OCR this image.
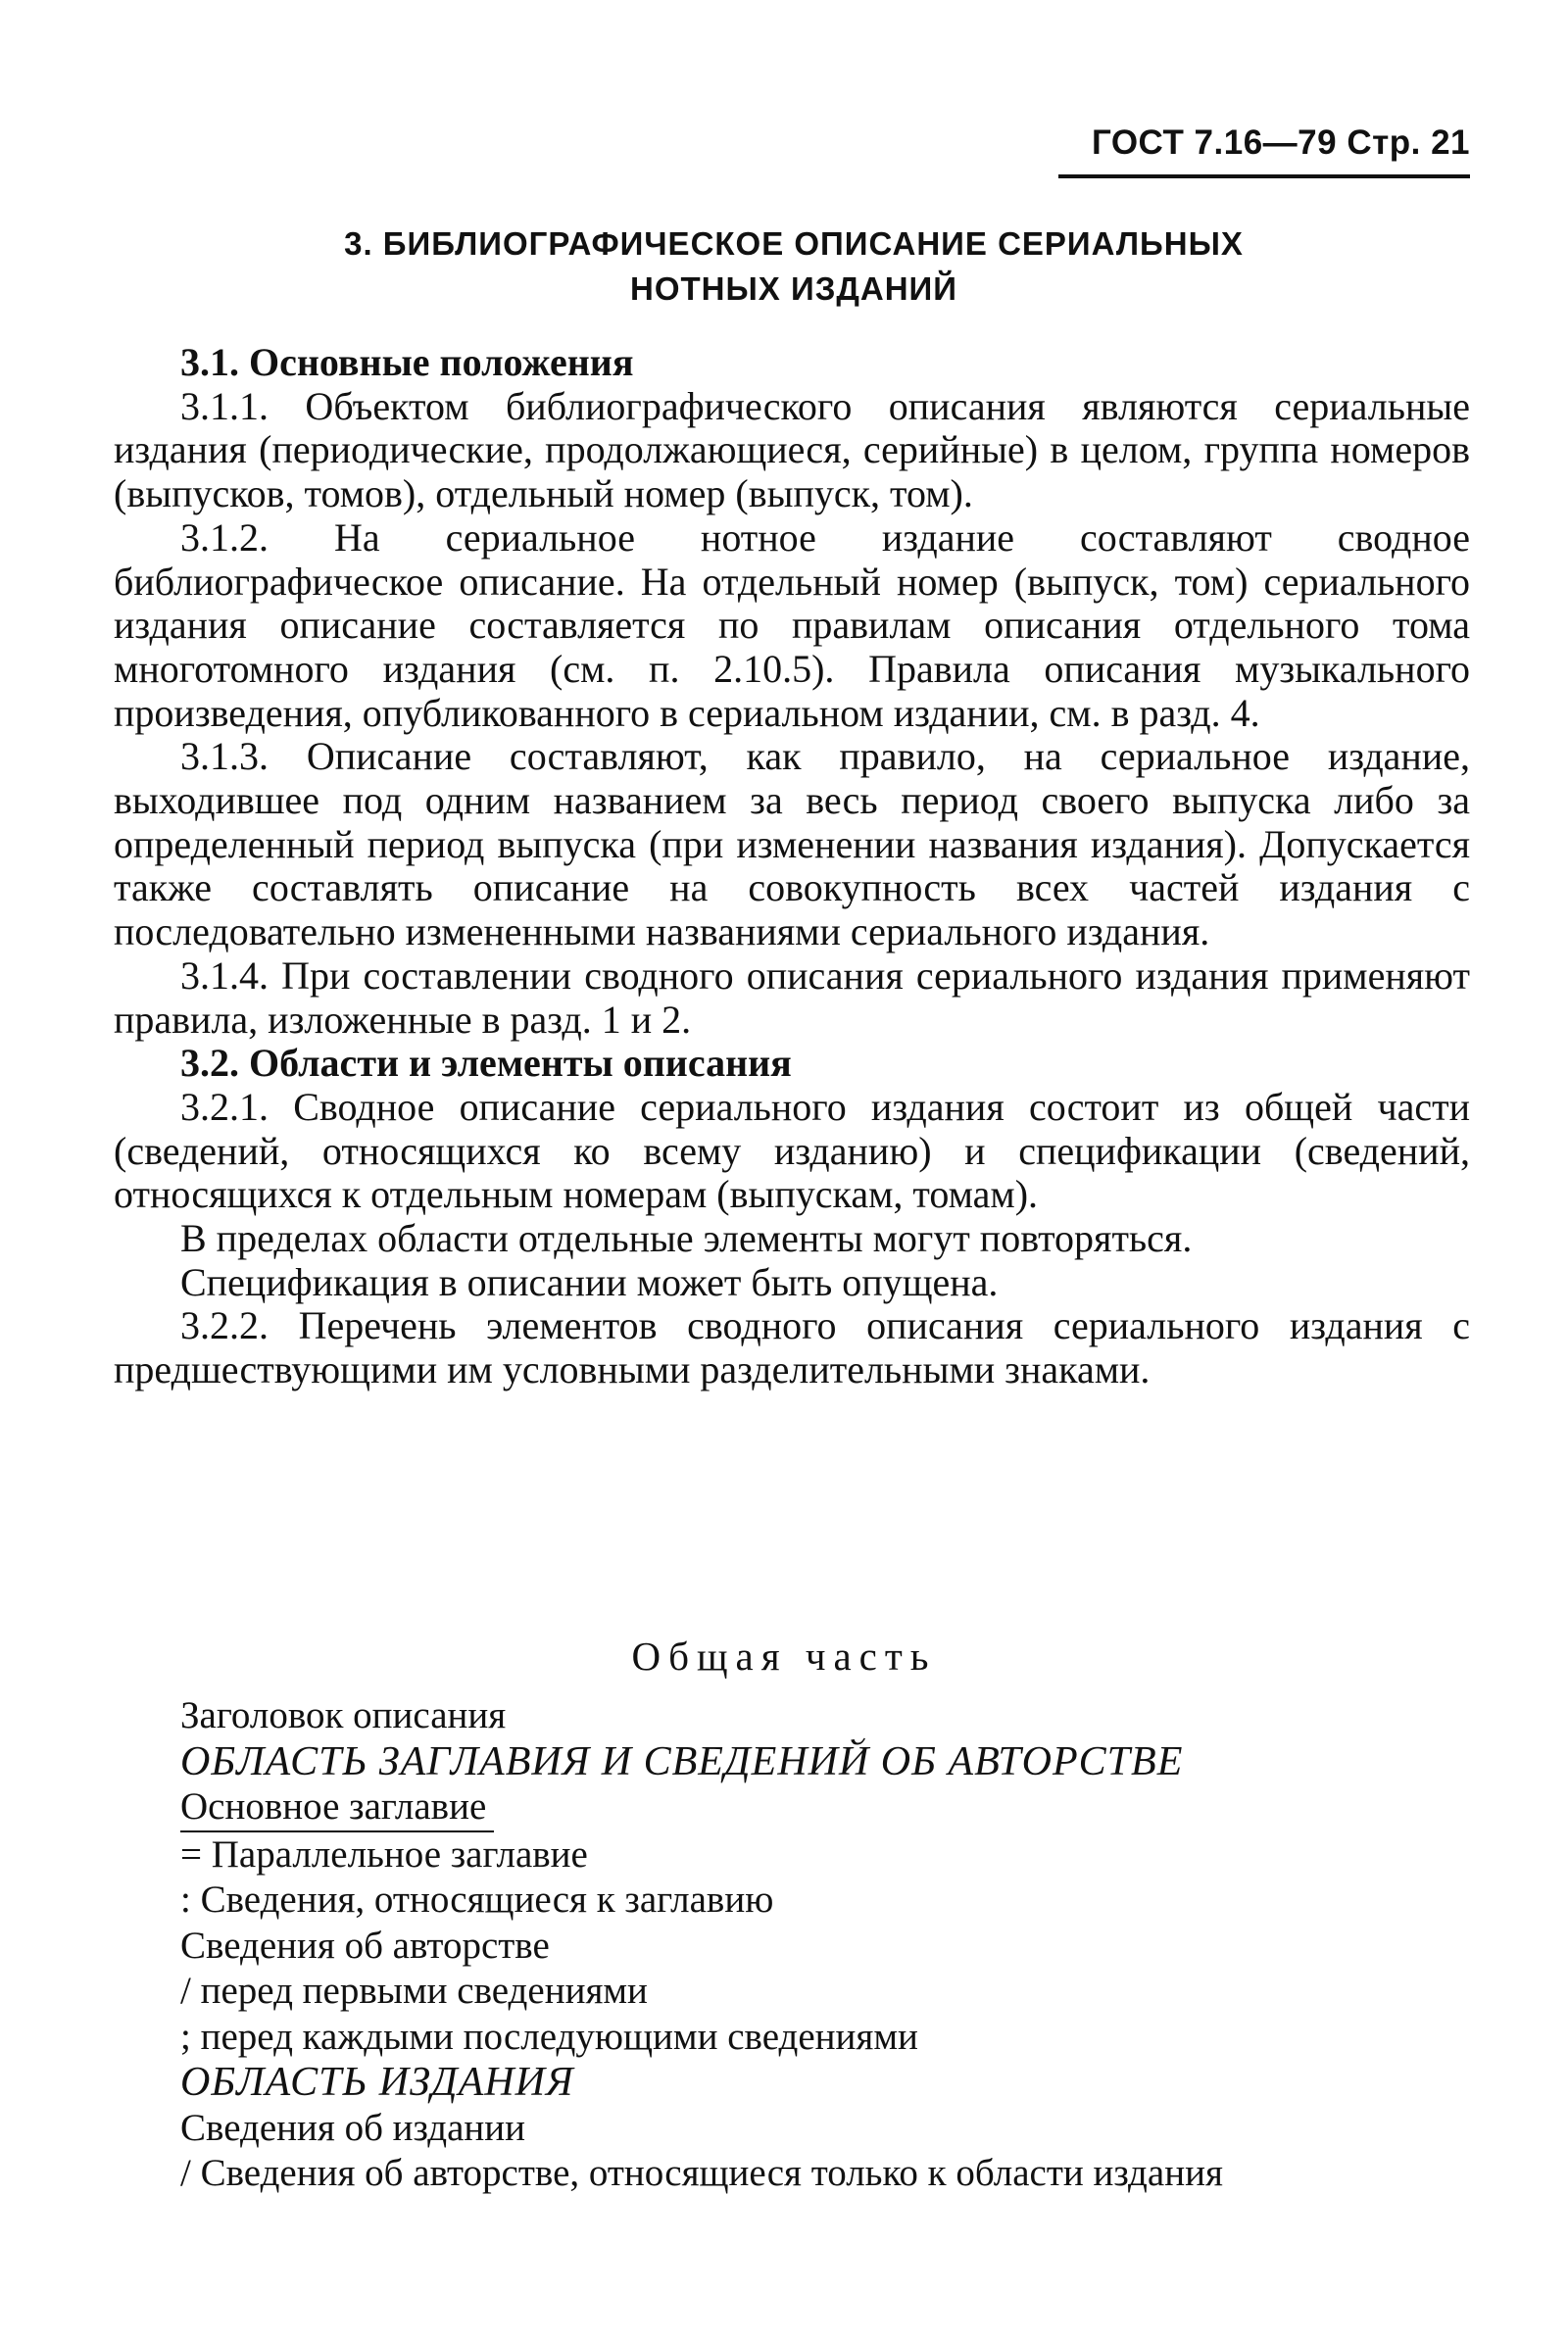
ГОСТ 7.16—79 Стр. 21
3. БИБЛИОГРАФИЧЕСКОЕ ОПИСАНИЕ СЕРИАЛЬНЫХ
НОТНЫХ ИЗДАНИЙ

3.1. Основные положения

3.1.1. Объектом библиографического описания являются сериальные издания (периодические, продолжающиеся, серийные) в целом, группа номеров (выпусков, томов), отдельный номер (выпуск, том).

3.1.2. На сериальное нотное издание составляют сводное библиографическое описание. На отдельный номер (выпуск, том) сериального издания описание составляется по правилам описания отдельного тома многотомного издания (см. п. 2.10.5). Правила описания музыкального произведения, опубликованного в сериальном издании, см. в разд. 4.

3.1.3. Описание составляют, как правило, на сериальное издание, выходившее под одним названием за весь период своего выпуска либо за определенный период выпуска (при изменении названия издания). Допускается также составлять описание на совокупность всех частей издания с последовательно измененными названиями сериального издания.

3.1.4. При составлении сводного описания сериального издания применяют правила, изложенные в разд. 1 и 2.

3.2. Области и элементы описания

3.2.1. Сводное описание сериального издания состоит из общей части (сведений, относящихся ко всему изданию) и спецификации (сведений, относящихся к отдельным номерам (выпускам, томам).

В пределах области отдельные элементы могут повторяться.

Спецификация в описании может быть опущена.

3.2.2. Перечень элементов сводного описания сериального издания с предшествующими им условными разделительными знаками.

Общая часть
Заголовок описания
ОБЛАСТЬ ЗАГЛАВИЯ И СВЕДЕНИЙ ОБ АВТОРСТВЕ
Основное заглавие
= Параллельное заглавие
: Сведения, относящиеся к заглавию
Сведения об авторстве
/ перед первыми сведениями
; перед каждыми последующими сведениями
ОБЛАСТЬ ИЗДАНИЯ
Сведения об издании
/ Сведения об авторстве, относящиеся только к области издания
